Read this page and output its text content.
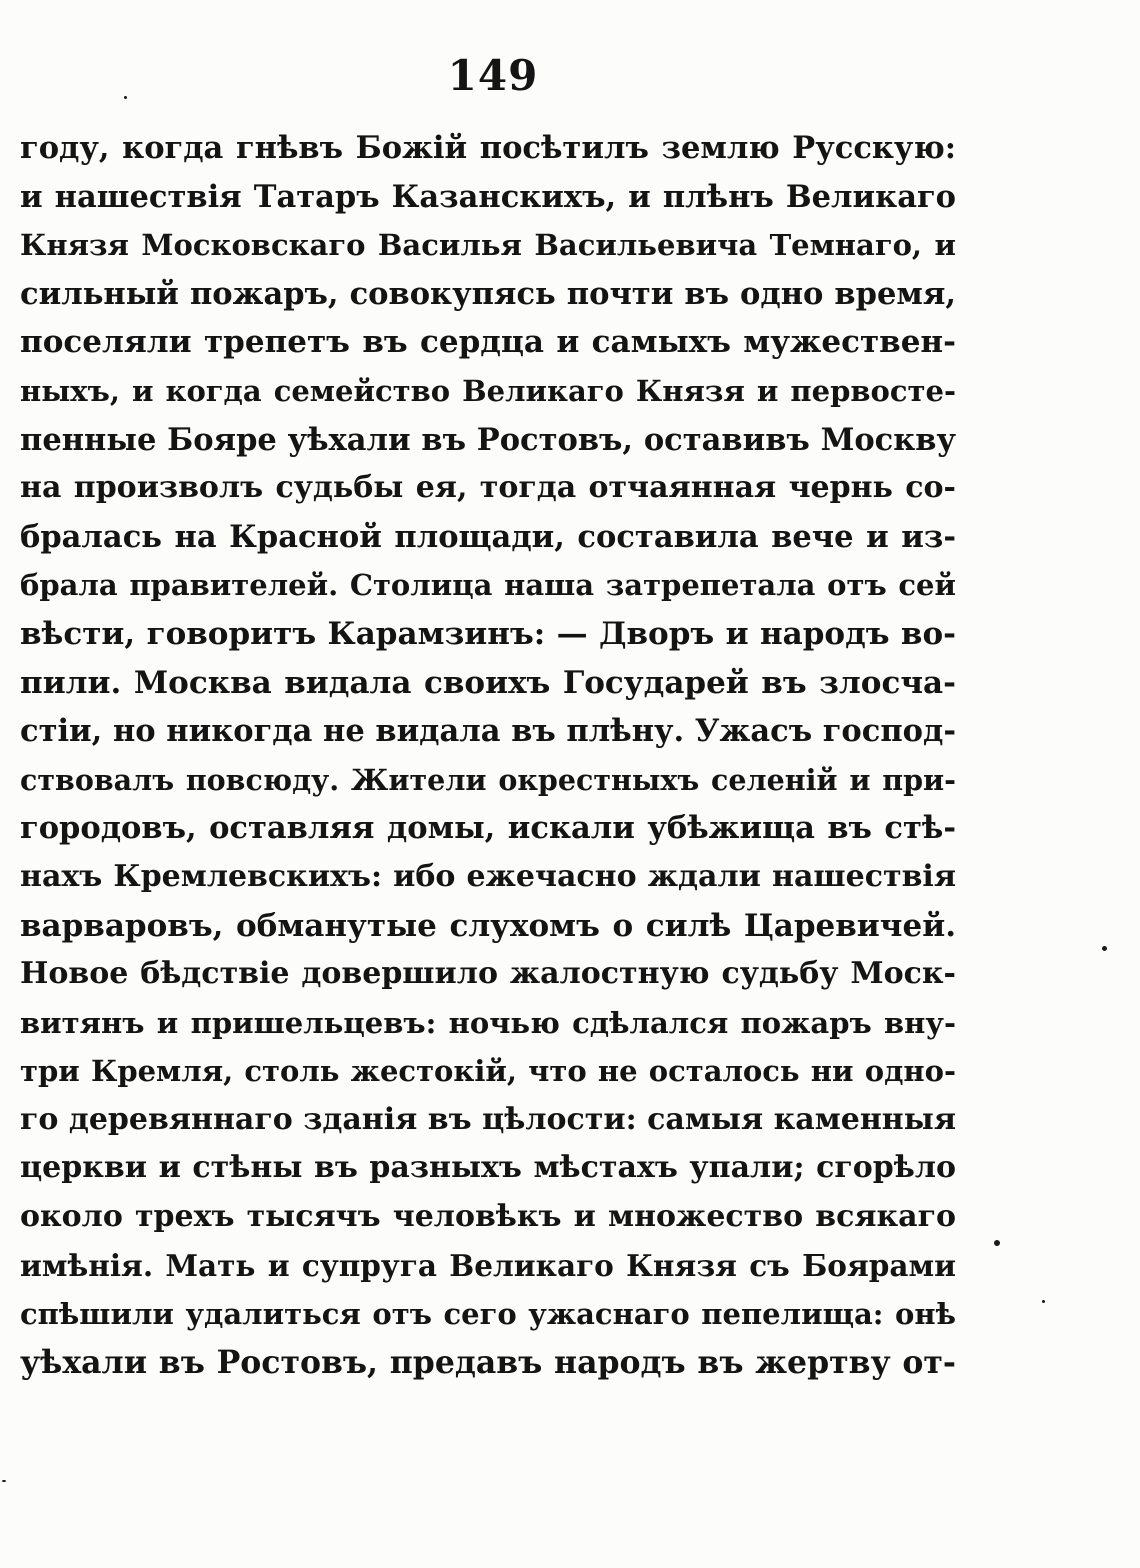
149
году, когда гнѣвъ Божій посѣтилъ землю Русскую:
и нашествія Татаръ Казанскихъ, и плѣнъ Великаго
Князя Московскаго Василья Васильевича Темнаго, и
сильный пожаръ, совокупясь почти въ одно время,
поселяли трепетъ въ сердца и самыхъ мужествен-
ныхъ, и когда семейство Великаго Князя и первосте-
пенные Бояре уѣхали въ Ростовъ, оставивъ Москву
на произволъ судьбы ея, тогда отчаянная чернь со-
бралась на Красной площади, составила вече и из-
брала правителей. Столица наша затрепетала отъ сей
вѣсти, говоритъ Карамзинъ: — Дворъ и народъ во-
пили. Москва видала своихъ Государей въ злосча-
стіи, но никогда не видала въ плѣну. Ужасъ господ-
ствовалъ повсюду. Жители окрестныхъ селеній и при-
городовъ, оставляя домы, искали убѣжища въ стѣ-
нахъ Кремлевскихъ: ибо ежечасно ждали нашествія
варваровъ, обманутые слухомъ о силѣ Царевичей.
Новое бѣдствіе довершило жалостную судьбу Моск-
витянъ и пришельцевъ: ночью сдѣлался пожаръ вну-
три Кремля, столь жестокій, что не осталось ни одно-
го деревяннаго зданія въ цѣлости: самыя каменныя
церкви и стѣны въ разныхъ мѣстахъ упали; сгорѣло
около трехъ тысячъ человѣкъ и множество всякаго
имѣнія. Мать и супруга Великаго Князя съ Боярами
спѣшили удалиться отъ сего ужаснаго пепелища: онѣ
уѣхали въ Ростовъ, предавъ народъ въ жертву от-
